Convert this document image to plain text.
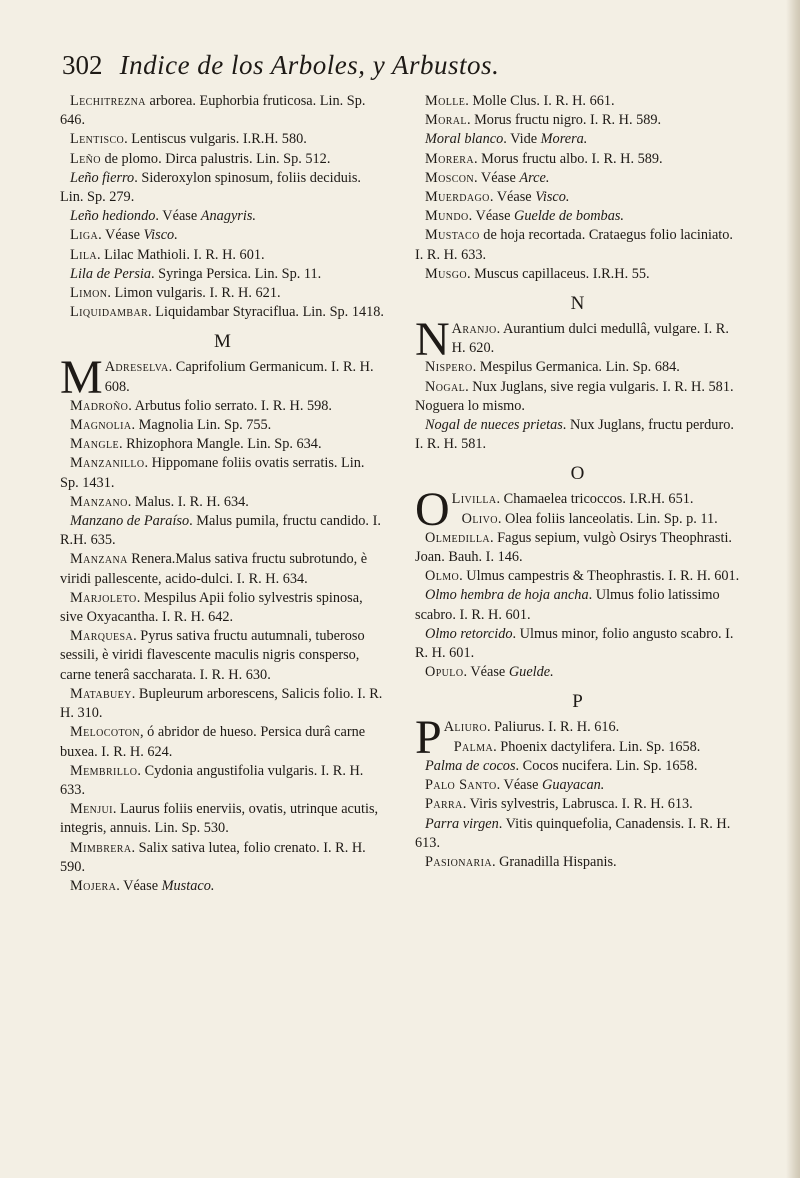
302 Indice de los Arboles, y Arbustos.
Lechitrezna arborea. Euphorbia fruticosa. Lin. Sp. 646.
Lentisco. Lentiscus vulgaris. I.R.H. 580.
Leño de plomo. Dirca palustris. Lin. Sp. 512.
Leño fierro. Sideroxylon spinosum, foliis deciduis. Lin. Sp. 279.
Leño hediondo. Véase Anagyris.
Liga. Véase Visco.
Lila. Lilac Mathioli. I. R. H. 601.
Lila de Persia. Syringa Persica. Lin. Sp. 11.
Limon. Limon vulgaris. I. R. H. 621.
Liquidambar. Liquidambar Styraciflua. Lin. Sp. 1418.
M
M Adreselva. Caprifolium Germanicum. I. R. H. 608.
Madroño. Arbutus folio serrato. I. R. H. 598.
Magnolia. Magnolia Lin. Sp. 755.
Mangle. Rhizophora Mangle. Lin. Sp. 634.
Manzanillo. Hippomane foliis ovatis serratis. Lin. Sp. 1431.
Manzano. Malus. I. R. H. 634.
Manzano de Paraíso. Malus pumila, fructu candido. I. R.H. 635.
Manzana Renera.Malus sativa fructu subrotundo, è viridi pallescente, acido-dulci. I. R. H. 634.
Marjoleto. Mespilus Apii folio sylvestris spinosa, sive Oxyacantha. I. R. H. 642.
Marquesa. Pyrus sativa fructu autumnali, tuberoso sessili, è viridi flavescente maculis nigris consperso, carne tenerâ saccharata. I. R. H. 630.
Matabuey. Bupleurum arborescens, Salicis folio. I. R. H. 310.
Melocoton, ó abridor de hueso. Persica durâ carne buxea. I. R. H. 624.
Membrillo. Cydonia angustifolia vulgaris. I. R. H. 633.
Menjui. Laurus foliis enerviis, ovatis, utrinque acutis, integris, annuis. Lin. Sp. 530.
Mimbrera. Salix sativa lutea, folio crenato. I. R. H. 590.
Mojera. Véase Mustaco.
Molle. Molle Clus. I. R. H. 661.
Moral. Morus fructu nigro. I. R. H. 589.
Moral blanco. Vide Morera.
Morera. Morus fructu albo. I. R. H. 589.
Moscon. Véase Arce.
Muerdago. Véase Visco.
Mundo. Véase Guelde de bombas.
Mustaco de hoja recortada. Crataegus folio laciniato. I. R. H. 633.
Musgo. Muscus capillaceus. I.R.H. 55.
N
N Aranjo. Aurantium dulci medullâ, vulgare. I. R. H. 620.
Nispero. Mespilus Germanica. Lin. Sp. 684.
Nogal. Nux Juglans, sive regia vulgaris. I. R. H. 581. Noguera lo mismo.
Nogal de nueces prietas. Nux Juglans, fructu perduro. I. R. H. 581.
O
O Livilla. Chamaelea tricoccos. I.R.H. 651.
Olivo. Olea foliis lanceolatis. Lin. Sp. p. 11.
Olmedilla. Fagus sepium, vulgò Osirys Theophrasti. Joan. Bauh. I. 146.
Olmo. Ulmus campestris & Theophrastis. I. R. H. 601.
Olmo hembra de hoja ancha. Ulmus folio latissimo scabro. I. R. H. 601.
Olmo retorcido. Ulmus minor, folio angusto scabro. I. R. H. 601.
Opulo. Véase Guelde.
P
P Aliuro. Paliurus. I. R. H. 616.
Palma. Phoenix dactylifera. Lin. Sp. 1658.
Palma de cocos. Cocos nucifera. Lin. Sp. 1658.
Palo Santo. Véase Guayacan.
Parra. Viris sylvestris, Labrusca. I. R. H. 613.
Parra virgen. Vitis quinquefolia, Canadensis. I. R. H. 613.
Pasionaria. Granadilla Hispanis.
